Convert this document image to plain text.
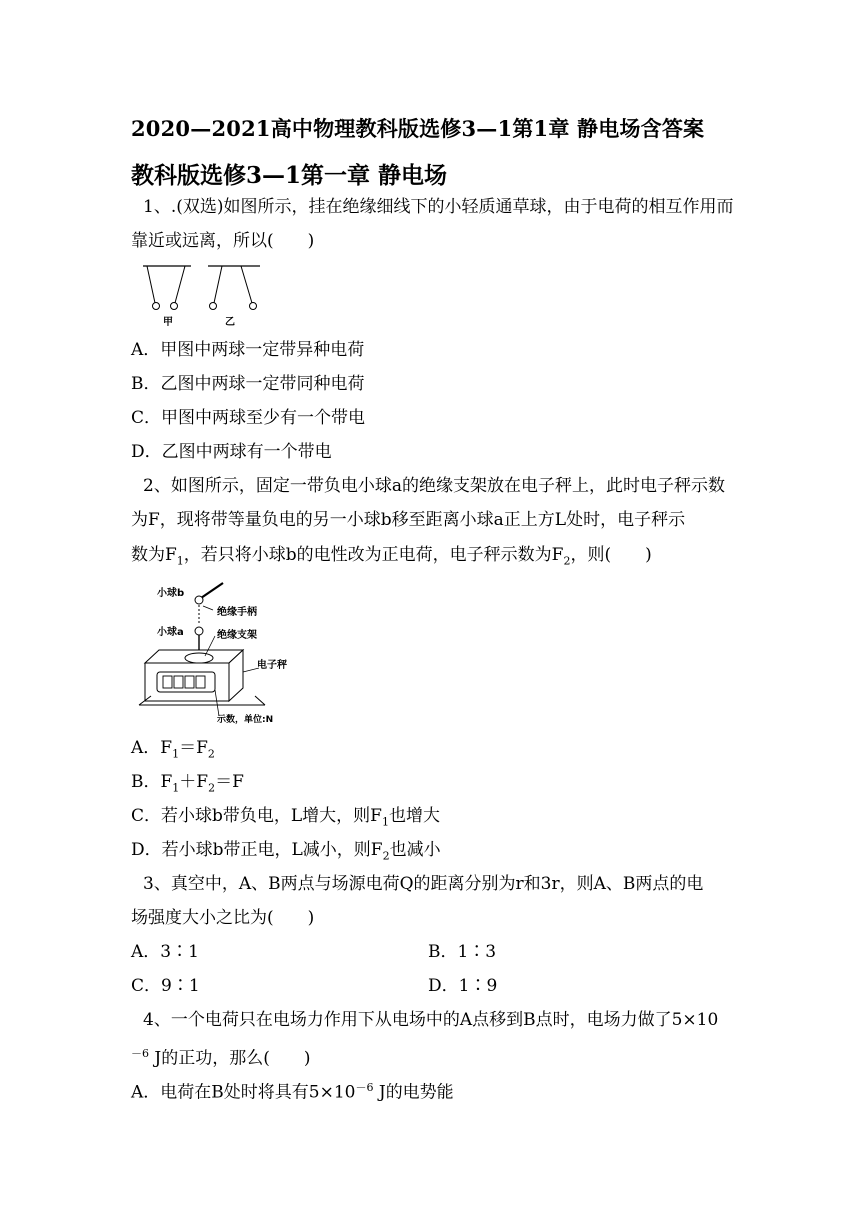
2020—2021高中物理教科版选修3—1第1章 静电场含答案
教科版选修3—1第一章 静电场
1、.(双选)如图所示，挂在绝缘细线下的小轻质通草球，由于电荷的相互作用而
靠近或远离，所以(　　)
甲	乙
A．甲图中两球一定带异种电荷
B．乙图中两球一定带同种电荷
C．甲图中两球至少有一个带电
D．乙图中两球有一个带电
2、如图所示，固定一带负电小球a的绝缘支架放在电子秤上，此时电子秤示数
为F，现将带等量负电的另一小球b移至距离小球a正上方L处时，电子秤示
数为$F_1$，若只将小球b的电性改为正电荷，电子秤示数为$F_2$，则(　　)
小球b
绝缘手柄
小球a	绝缘支架
电子秤
示数，单位:N
A．$F_1=F_2$
B．$F_1+F_2=F$
C．若小球b带负电，L增大，则$F_1$也增大
D．若小球b带正电，L减小，则$F_2$也减小
3、真空中，A、B两点与场源电荷Q的距离分别为r和3r，则A、B两点的电
场强度大小之比为(　　)
A．3∶1	B．1∶3
C．9∶1	D．1∶9
4、一个电荷只在电场力作用下从电场中的A点移到B点时，电场力做了5×10
$^{-6}$ J的正功，那么(　　)
A．电荷在B处时将具有$5\times 10^{-6}$ J的电势能
